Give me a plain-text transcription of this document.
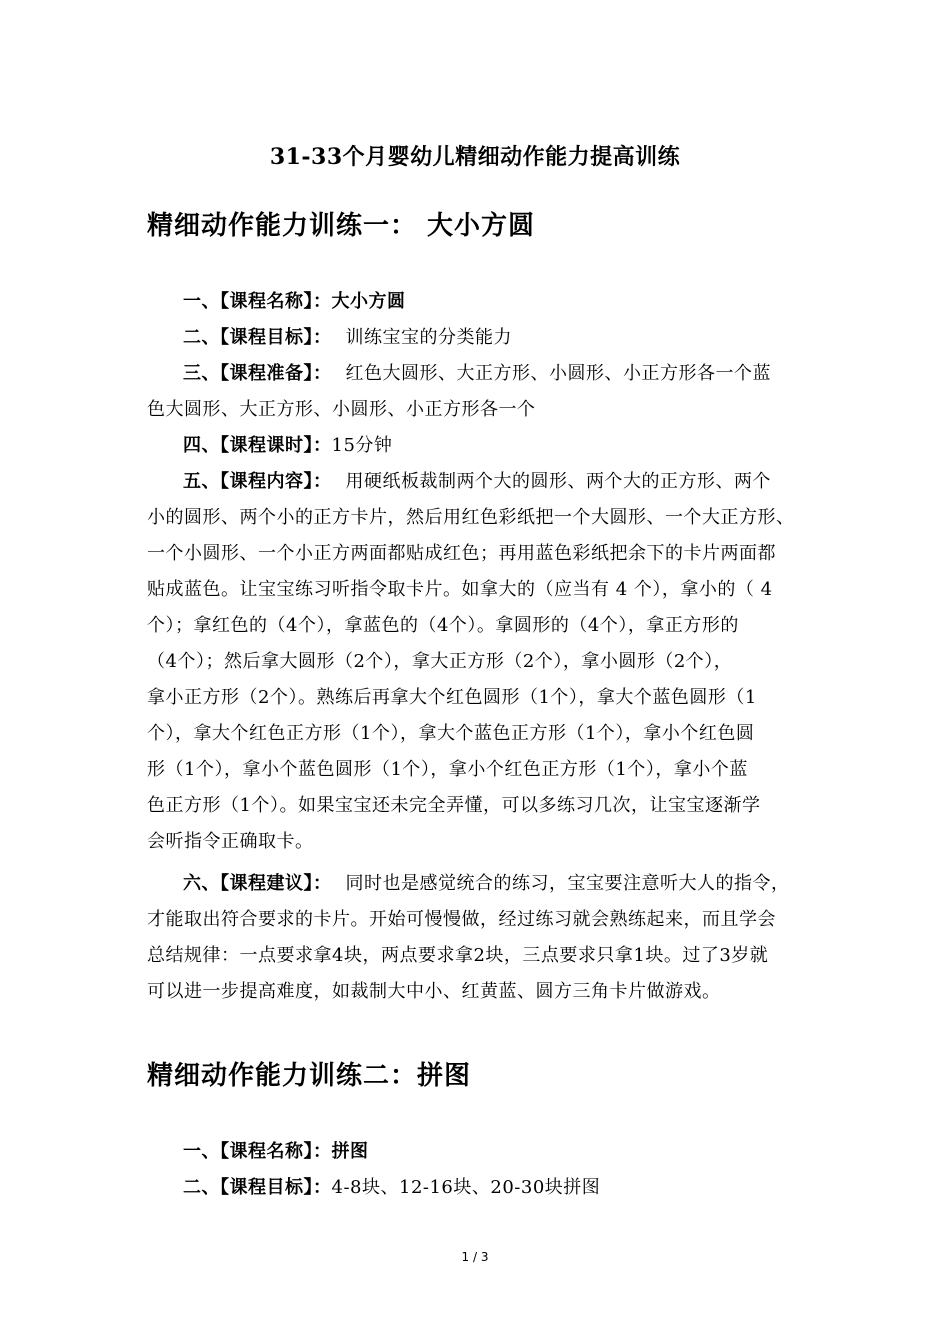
31-33个月婴幼儿精细动作能力提高训练
精细动作能力训练一： 大小方圆
一、【课程名称】：大小方圆
二、【课程目标】： 训练宝宝的分类能力
三、【课程准备】： 红色大圆形、大正方形、小圆形、小正方形各一个蓝
色大圆形、大正方形、小圆形、小正方形各一个
四、【课程课时】：15分钟
五、【课程内容】： 用硬纸板裁制两个大的圆形、两个大的正方形、两个
小的圆形、两个小的正方卡片，然后用红色彩纸把一个大圆形、一个大正方形、
一个小圆形、一个小正方两面都贴成红色；再用蓝色彩纸把余下的卡片两面都
贴成蓝色。让宝宝练习听指令取卡片。如拿大的（应当有 4 个），拿小的（ 4
个）；拿红色的（4个），拿蓝色的（4个）。拿圆形的（4个），拿正方形的
（4个）；然后拿大圆形（2个），拿大正方形（2个），拿小圆形（2个），
拿小正方形（2个）。熟练后再拿大个红色圆形（1个），拿大个蓝色圆形（1
个），拿大个红色正方形（1个），拿大个蓝色正方形（1个），拿小个红色圆
形（1个），拿小个蓝色圆形（1个），拿小个红色正方形（1个），拿小个蓝
色正方形（1个）。如果宝宝还未完全弄懂，可以多练习几次，让宝宝逐渐学
会听指令正确取卡。
六、【课程建议】： 同时也是感觉统合的练习，宝宝要注意听大人的指令，
才能取出符合要求的卡片。开始可慢慢做，经过练习就会熟练起来，而且学会
总结规律：一点要求拿4块，两点要求拿2块，三点要求只拿1块。过了3岁就
可以进一步提高难度，如裁制大中小、红黄蓝、圆方三角卡片做游戏。
精细动作能力训练二：拼图
一、【课程名称】：拼图
二、【课程目标】：4-8块、12-16块、20-30块拼图
1 / 3
